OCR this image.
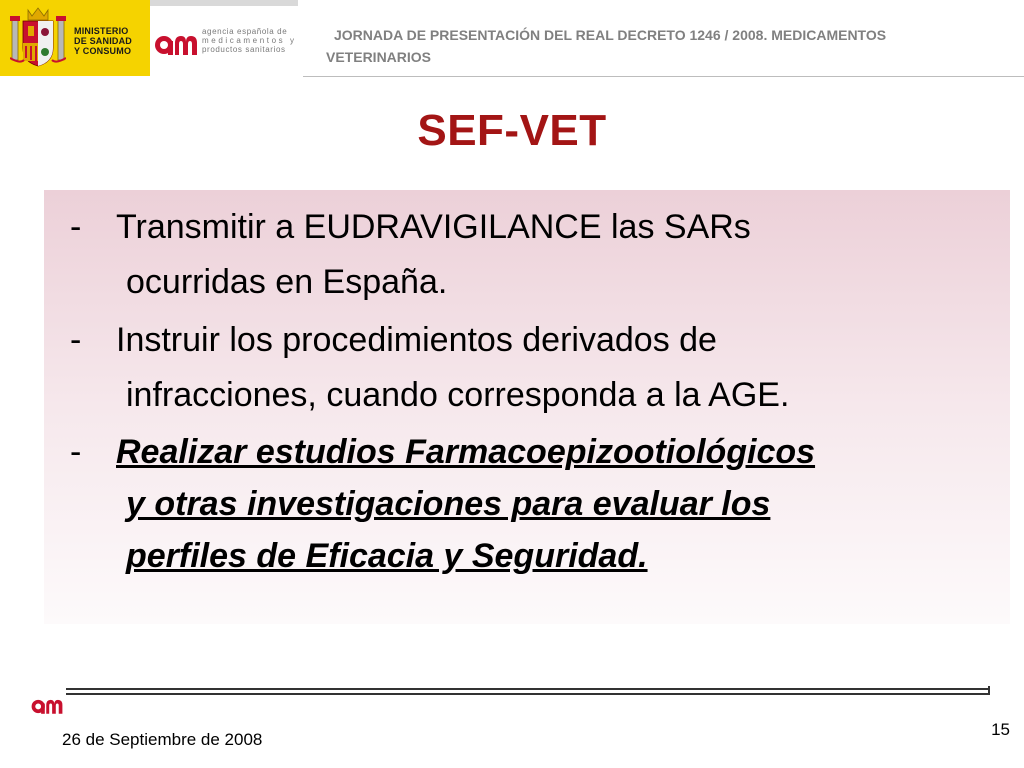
MINISTERIO
DE SANIDAD
Y CONSUMO
agencia española de
medicamentos y
productos sanitarios
JORNADA DE PRESENTACIÓN DEL REAL DECRETO 1246 / 2008. MEDICAMENTOS
VETERINARIOS
SEF-VET
- Transmitir a EUDRAVIGILANCE las SARs
ocurridas en España.
- Instruir los procedimientos derivados de
infracciones, cuando corresponda a la AGE.
- Realizar estudios Farmacoepizootiológicos
y otras investigaciones para evaluar los
perfiles de Eficacia y Seguridad.
26 de Septiembre de 2008
15
